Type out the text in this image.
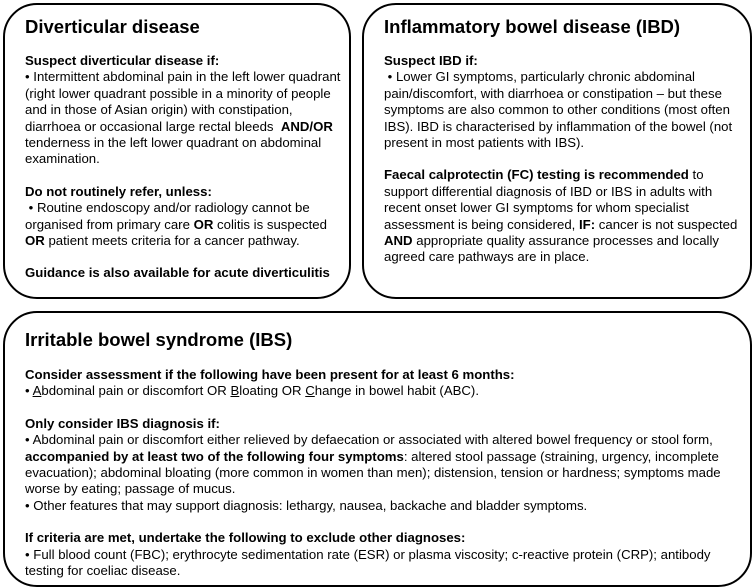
Diverticular disease

Suspect diverticular disease if:

• Intermittent abdominal pain in the left lower quadrant (right lower quadrant possible in a minority of people and in those of Asian origin) with constipation, diarrhoea or occasional large rectal bleeds AND/OR tenderness in the left lower quadrant on abdominal examination.

Do not routinely refer, unless:

• Routine endoscopy and/or radiology cannot be organised from primary care OR colitis is suspected OR patient meets criteria for a cancer pathway.

Guidance is also available for acute diverticulitis

Inflammatory bowel disease (IBD)

Suspect IBD if:

• Lower GI symptoms, particularly chronic abdominal pain/discomfort, with diarrhoea or constipation – but these symptoms are also common to other conditions (most often IBS). IBD is characterised by inflammation of the bowel (not present in most patients with IBS).

Faecal calprotectin (FC) testing is recommended to support differential diagnosis of IBD or IBS in adults with recent onset lower GI symptoms for whom specialist assessment is being considered, IF: cancer is not suspected AND appropriate quality assurance processes and locally agreed care pathways are in place.

Irritable bowel syndrome (IBS)

Consider assessment if the following have been present for at least 6 months:

• Abdominal pain or discomfort OR Bloating OR Change in bowel habit (ABC).

Only consider IBS diagnosis if:

• Abdominal pain or discomfort either relieved by defaecation or associated with altered bowel frequency or stool form, accompanied by at least two of the following four symptoms: altered stool passage (straining, urgency, incomplete evacuation); abdominal bloating (more common in women than men); distension, tension or hardness; symptoms made worse by eating; passage of mucus.

• Other features that may support diagnosis: lethargy, nausea, backache and bladder symptoms.

If criteria are met, undertake the following to exclude other diagnoses:

• Full blood count (FBC); erythrocyte sedimentation rate (ESR) or plasma viscosity; c-reactive protein (CRP); antibody testing for coeliac disease.
